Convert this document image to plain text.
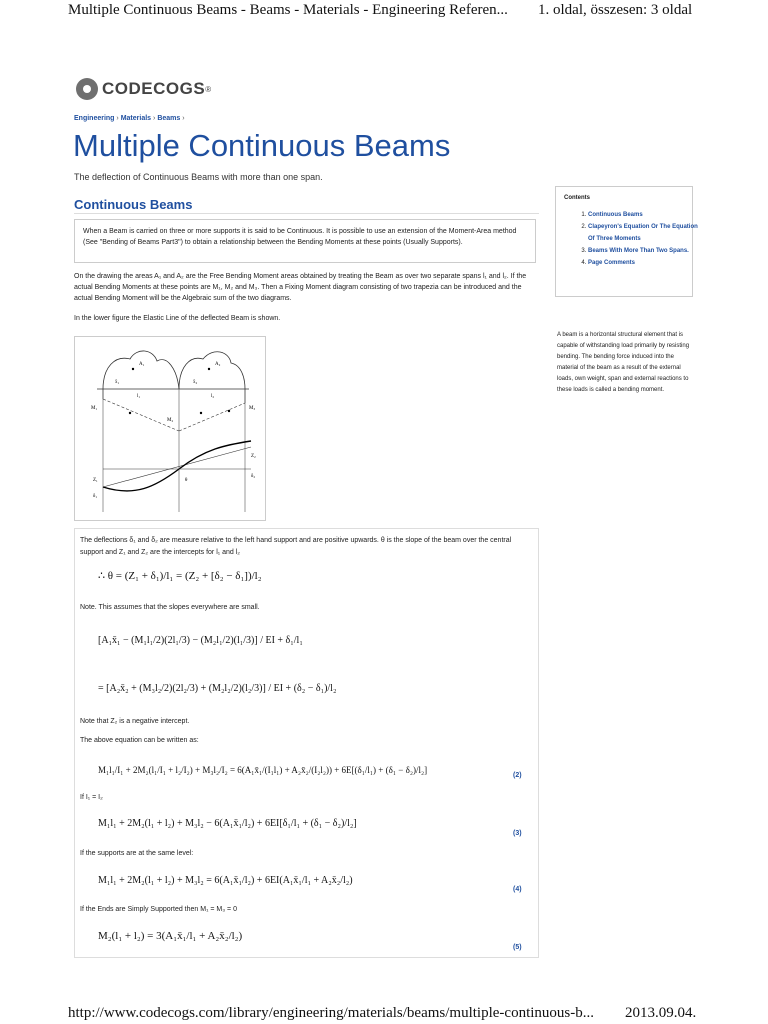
Multiple Continuous Beams - Beams - Materials - Engineering Referen... 1. oldal, összesen: 3 oldal
CODECOGS ®
Engineering › Materials › Beams ›
Multiple Continuous Beams
The deflection of Continuous Beams with more than one span.
Continuous Beams
When a Beam is carried on three or more supports it is said to be Continuous. It is possible to use an extension of the Moment-Area method (See "Bending of Beams Part3") to obtain a relationship between the Bending Moments at these points (Usually Supports).
On the drawing the areas A₁ and A₂ are the Free Bending Moment areas obtained by treating the Beam as over two separate spans l₁ and l₂. If the actual Bending Moments at these points are M₁, M₂ and M₃. Then a Fixing Moment diagram consisting of two trapezia can be introduced and the actual Bending Moment will be the Algebraic sum of the two diagrams.
In the lower figure the Elastic Line of the deflected Beam is shown.
A₁	A₂
x̄₁	x̄₂
l₁	l₂
M₁
M₂
M₃
Z₂
δ₂
Z₁
δ₁
θ
The deflections δ₁ and δ₂ are measure relative to the left hand support and are positive upwards. θ is the slope of the beam over the central support and Z₁ and Z₂ are the intercepts for l₁ and l₂
∴ θ = (Z₁ + δ₁)/l₁ = (Z₂ + [δ₂ − δ₁])/l₂
Note. This assumes that the slopes everywhere are small.
[A₁x̄₁ − (M₁l₁/2)(2l₁/3) − (M₂l₁/2)(l₁/3)] / EI + δ₁/l₁
= [A₂x̄₂ + (M₃l₂/2)(2l₂/3) + (M₂l₂/2)(l₂/3)] / EI + (δ₂ − δ₁)/l₂
Note that Z₂ is a negative intercept.
The above equation can be written as:
M₁l₁/I₁ + 2M₂(l₁/I₁ + l₂/I₂) + M₃l₂/I₂ = 6(A₁x̄₁/(I₁l₁) + A₂x̄₂/(I₂l₂)) + 6E[(δ₁/l₁) + (δ₁ − δ₂)/l₂]
(2)
If I₁ = I₂
M₁l₁ + 2M₂(l₁ + l₂) + M₃l₂ − 6(A₁x̄₁/l₂) + 6EI[δ₁/l₁ + (δ₁ − δ₂)/l₂]
(3)
If the supports are at the same level:
M₁l₁ + 2M₂(l₁ + l₂) + M₃l₂ = 6(A₁x̄₁/l₂) + 6EI(A₁x̄₁/l₁ + A₂x̄₂/l₂)
(4)
If the Ends are Simply Supported then M₁ = M₃ = 0
M₂(l₁ + l₂) = 3(A₁x̄₁/l₁ + A₂x̄₂/l₂)
(5)
Contents
1. Continuous Beams
2. Clapeyron's Equation Or The Equation Of Three Moments
3. Beams With More Than Two Spans.
4. Page Comments
A beam is a horizontal structural element that is capable of withstanding load primarily by resisting bending. The bending force induced into the material of the beam as a result of the external loads, own weight, span and external reactions to these loads is called a bending moment.
http://www.codecogs.com/library/engineering/materials/beams/multiple-continuous-b... 2013.09.04.
